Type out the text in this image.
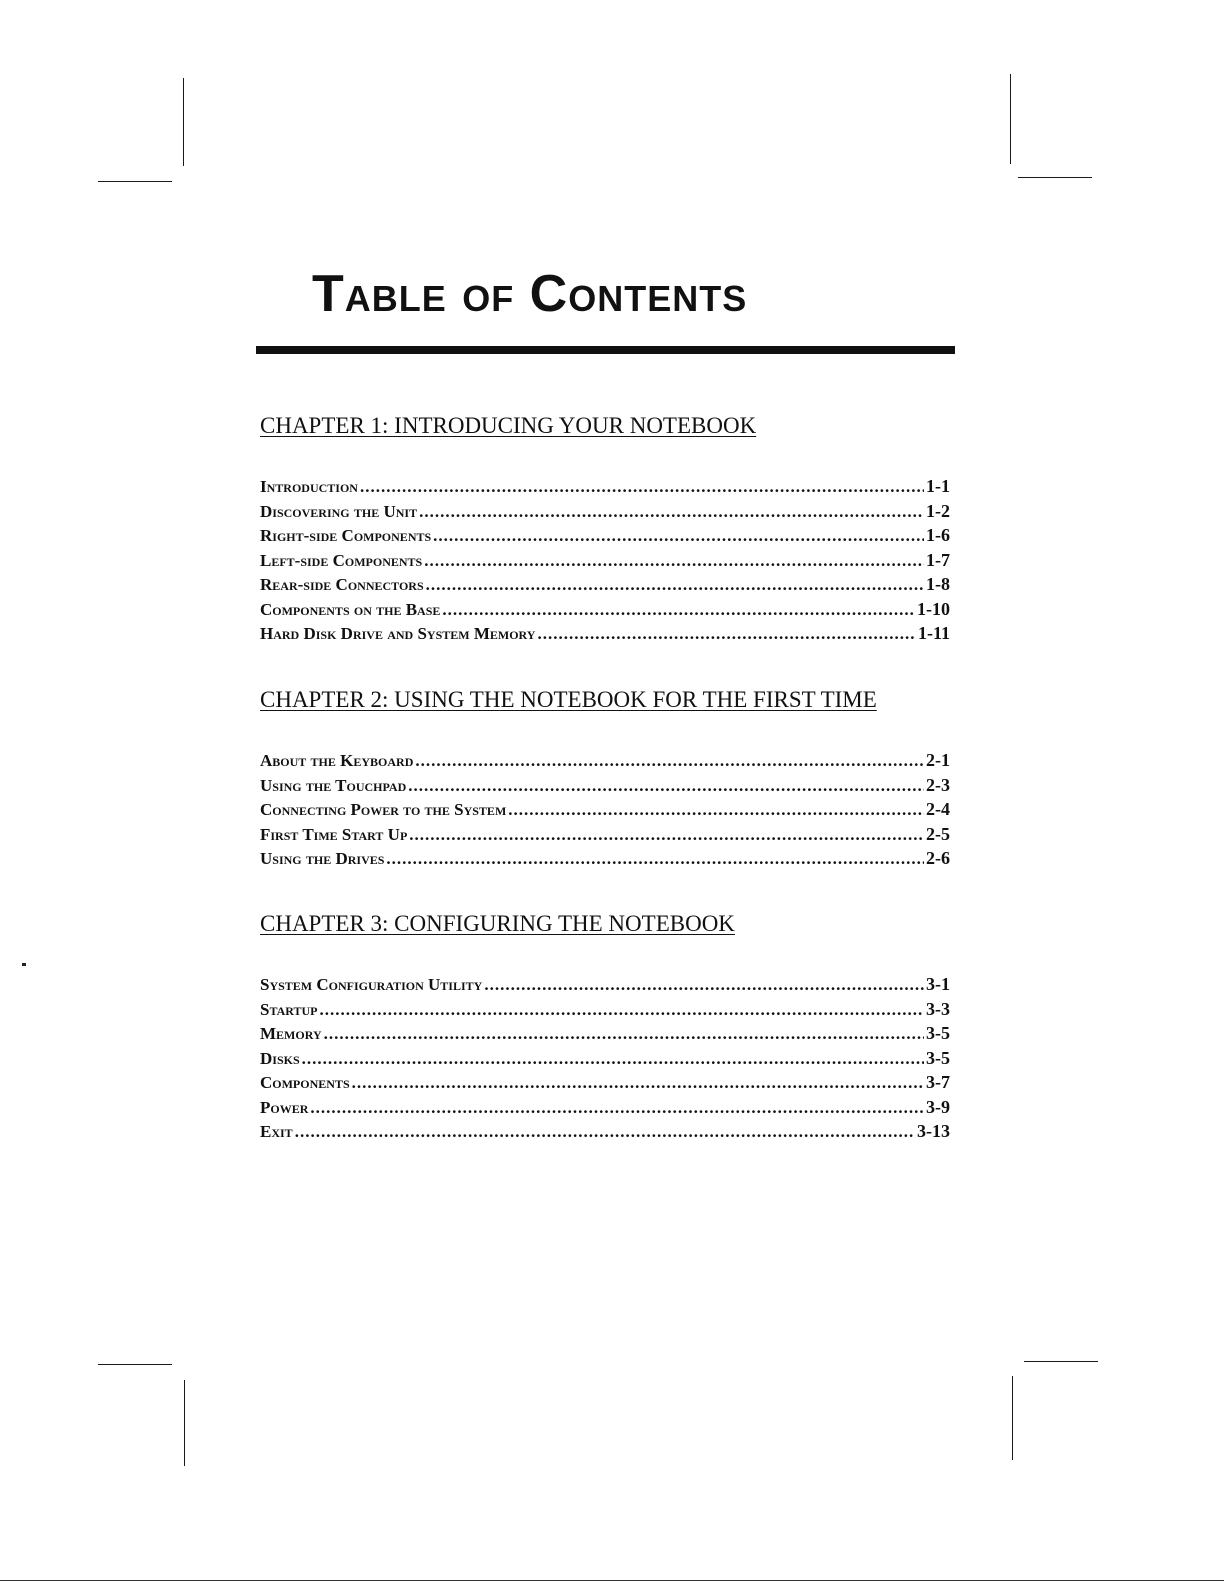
Table of Contents
CHAPTER 1: INTRODUCING YOUR NOTEBOOK
Introduction .....	1-1
Discovering the Unit .....	1-2
Right-side Components .....	1-6
Left-side Components .....	1-7
Rear-side Connectors .....	1-8
Components on the Base .....	1-10
Hard Disk Drive and System Memory .....	1-11
CHAPTER 2: USING THE NOTEBOOK FOR THE FIRST TIME
About the Keyboard .....	2-1
Using the Touchpad .....	2-3
Connecting Power to the System .....	2-4
First Time Start Up .....	2-5
Using the Drives .....	2-6
CHAPTER 3: CONFIGURING THE NOTEBOOK
System Configuration Utility .....	3-1
Startup .....	3-3
Memory .....	3-5
Disks .....	3-5
Components .....	3-7
Power .....	3-9
Exit .....	3-13
